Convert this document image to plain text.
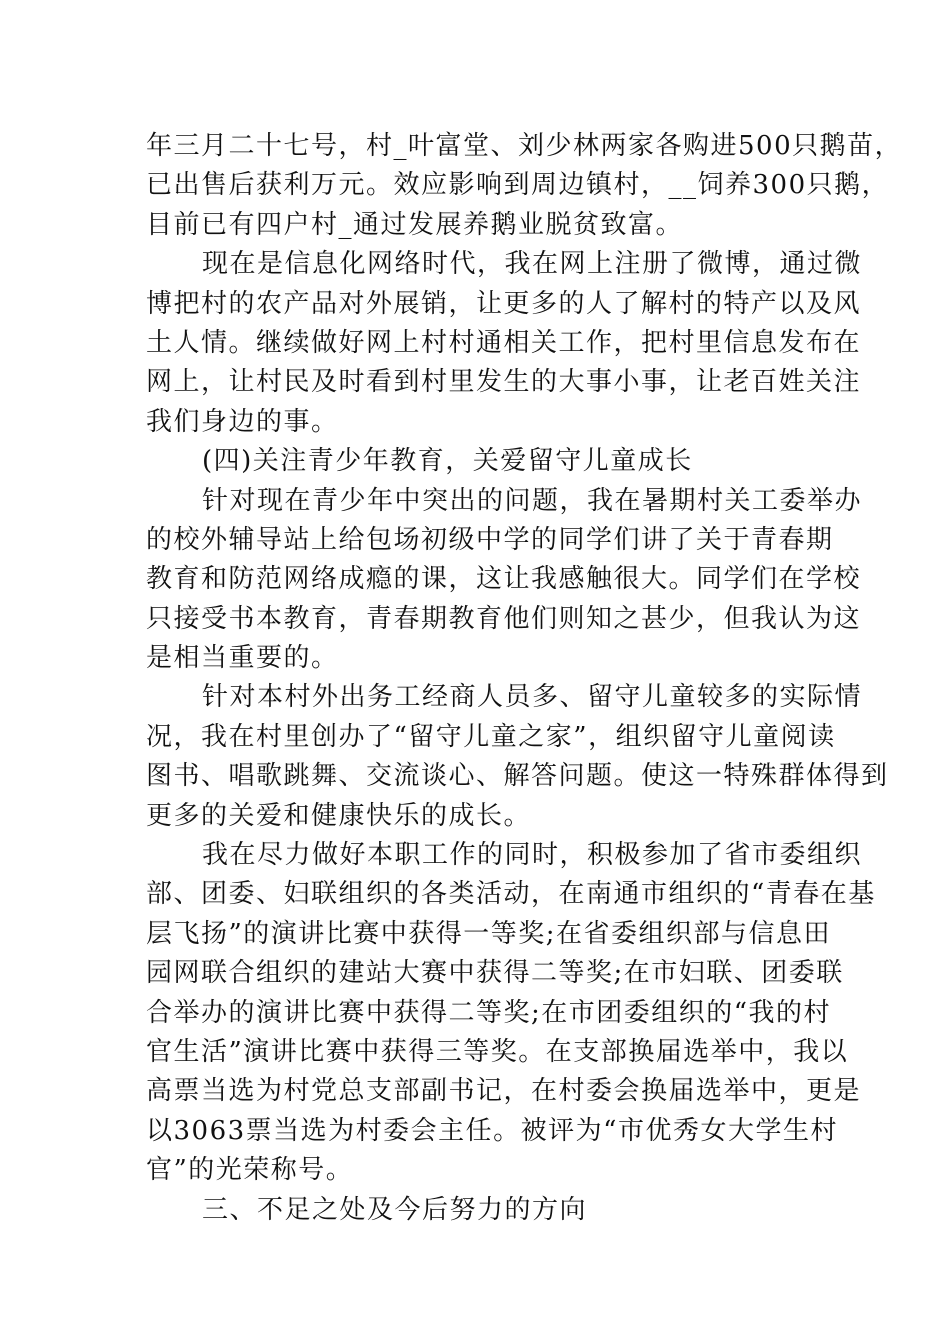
年三月二十七号，村_叶富堂、刘少林两家各购进500只鹅苗，
已出售后获利万元。效应影响到周边镇村，__饲养300只鹅，
目前已有四户村_通过发展养鹅业脱贫致富。
现在是信息化网络时代，我在网上注册了微博，通过微
博把村的农产品对外展销，让更多的人了解村的特产以及风
土人情。继续做好网上村村通相关工作，把村里信息发布在
网上，让村民及时看到村里发生的大事小事，让老百姓关注
我们身边的事。
(四)关注青少年教育，关爱留守儿童成长
针对现在青少年中突出的问题，我在暑期村关工委举办
的校外辅导站上给包场初级中学的同学们讲了关于青春期
教育和防范网络成瘾的课，这让我感触很大。同学们在学校
只接受书本教育，青春期教育他们则知之甚少，但我认为这
是相当重要的。
针对本村外出务工经商人员多、留守儿童较多的实际情
况，我在村里创办了“留守儿童之家”，组织留守儿童阅读
图书、唱歌跳舞、交流谈心、解答问题。使这一特殊群体得到
更多的关爱和健康快乐的成长。
我在尽力做好本职工作的同时，积极参加了省市委组织
部、团委、妇联组织的各类活动，在南通市组织的“青春在基
层飞扬”的演讲比赛中获得一等奖;在省委组织部与信息田
园网联合组织的建站大赛中获得二等奖;在市妇联、团委联
合举办的演讲比赛中获得二等奖;在市团委组织的“我的村
官生活”演讲比赛中获得三等奖。在支部换届选举中，我以
高票当选为村党总支部副书记，在村委会换届选举中，更是
以3063票当选为村委会主任。被评为“市优秀女大学生村
官”的光荣称号。
三、不足之处及今后努力的方向
